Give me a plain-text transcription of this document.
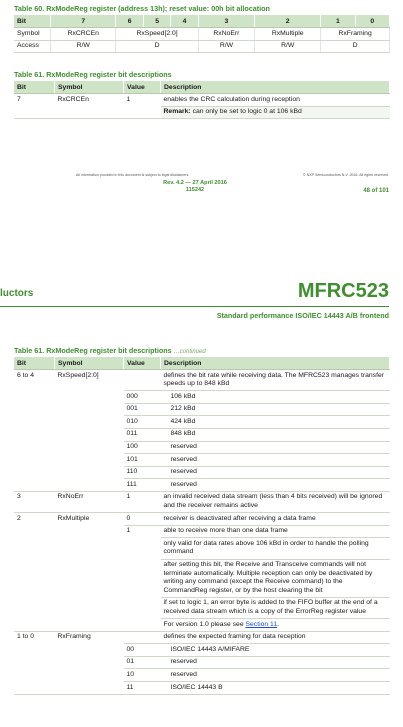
Table 60. RxModeReg register (address 13h); reset value: 00h bit allocation
Bit	7	6	5	4	3	2	1	0
Symbol	RxCRCEn	RxSpeed[2:0]			RxNoErr	RxMultiple	RxFraming	
Access	R/W	D			R/W	R/W	D	
Table 61. RxModeReg register bit descriptions
Bit	Symbol	Value	Description
7	RxCRCEn	1	enables the CRC calculation during reception
			Remark: can only be set to logic 0 at 106 kBd
All information provided in this document is subject to legal disclaimers.	© NXP Semiconductors N.V. 2016. All rights reserved.
Rev. 4.2 — 27 April 2016
115242	48 of 101
luctors	MFRC523
Standard performance ISO/IEC 14443 A/B frontend
Table 61. RxModeReg register bit descriptions …continued
Bit	Symbol	Value	Description
6 to 4	RxSpeed[2:0]		defines the bit rate while receiving data. The MFRC523 manages transfer speeds up to 848 kBd
		000	106 kBd
		001	212 kBd
		010	424 kBd
		011	848 kBd
		100	reserved
		101	reserved
		110	reserved
		111	reserved
3	RxNoErr	1	an invalid received data stream (less than 4 bits received) will be ignored and the receiver remains active
2	RxMultiple	0	receiver is deactivated after receiving a data frame
		1	able to receive more than one data frame
			only valid for data rates above 106 kBd in order to handle the polling command
			after setting this bit, the Receive and Transceive commands will not terminate automatically. Multiple reception can only be deactivated by writing any command (except the Receive command) to the CommandReg register, or by the host clearing the bit
			if set to logic 1, an error byte is added to the FIFO buffer at the end of a received data stream which is a copy of the ErrorReg register value
			For version 1.0 please see Section 11.
1 to 0	RxFraming		defines the expected framing for data reception
		00	ISO/IEC 14443 A/MIFARE
		01	reserved
		10	reserved
		11	ISO/IEC 14443 B
